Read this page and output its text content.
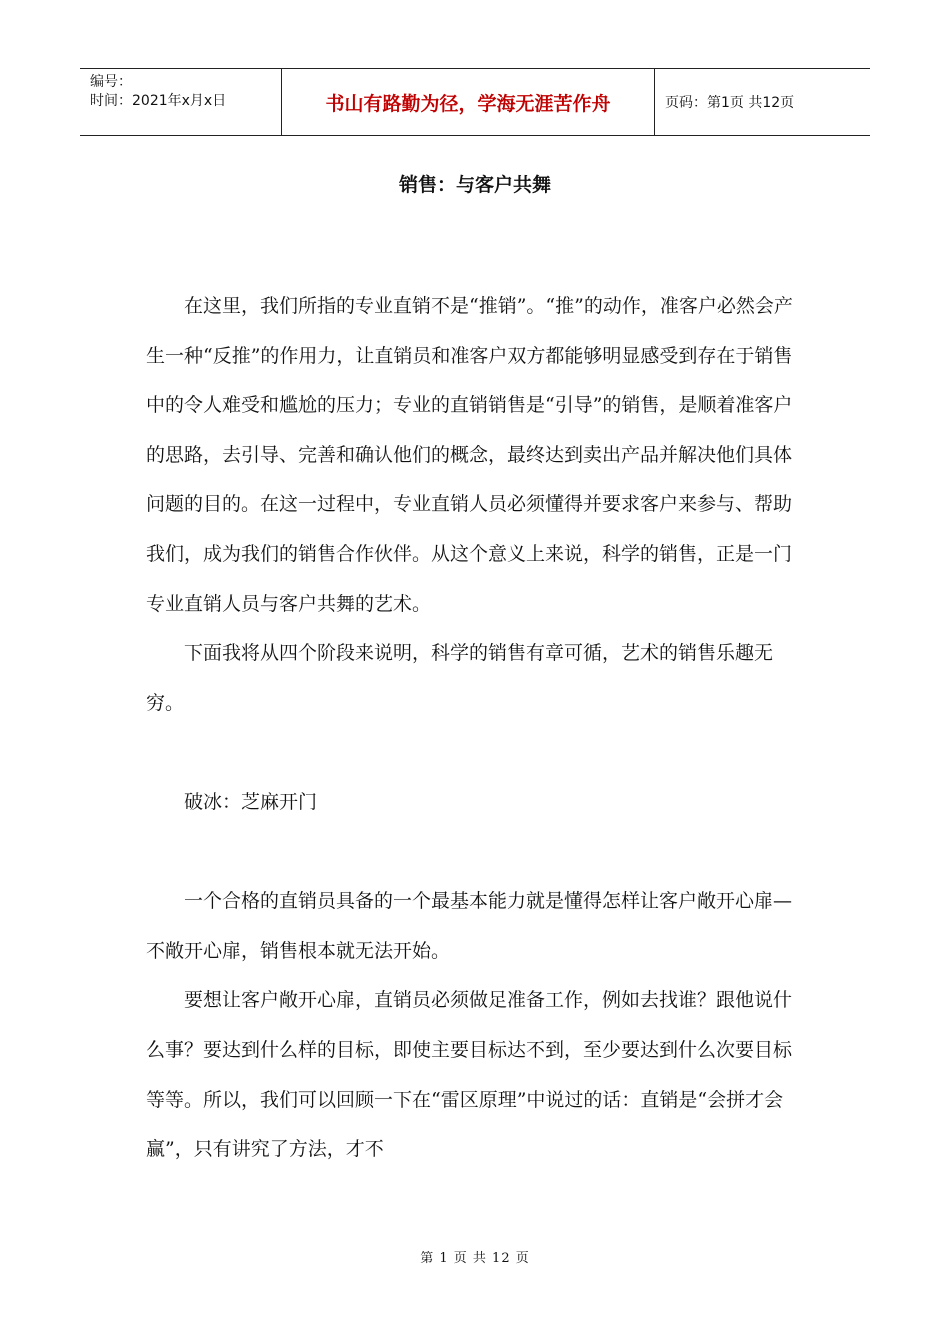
编号：
时间：2021年x月x日	书山有路勤为径，学海无涯苦作舟	页码：第1页 共12页
销售：与客户共舞

在这里，我们所指的专业直销不是“推销”。“推”的动作，准客户必然会产生一种“反推”的作用力，让直销员和准客户双方都能够明显感受到存在于销售中的令人难受和尴尬的压力；专业的直销销售是“引导”的销售，是顺着准客户的思路，去引导、完善和确认他们的概念，最终达到卖出产品并解决他们具体问题的目的。在这一过程中，专业直销人员必须懂得并要求客户来参与、帮助我们，成为我们的销售合作伙伴。从这个意义上来说，科学的销售，正是一门专业直销人员与客户共舞的艺术。

下面我将从四个阶段来说明，科学的销售有章可循，艺术的销售乐趣无穷。

破冰：芝麻开门

一个合格的直销员具备的一个最基本能力就是懂得怎样让客户敞开心扉—不敞开心扉，销售根本就无法开始。

要想让客户敞开心扉，直销员必须做足准备工作，例如去找谁？跟他说什么事？要达到什么样的目标，即使主要目标达不到，至少要达到什么次要目标等等。所以，我们可以回顾一下在“雷区原理”中说过的话：直销是“会拼才会赢”，只有讲究了方法，才不

第 1 页 共 12 页
